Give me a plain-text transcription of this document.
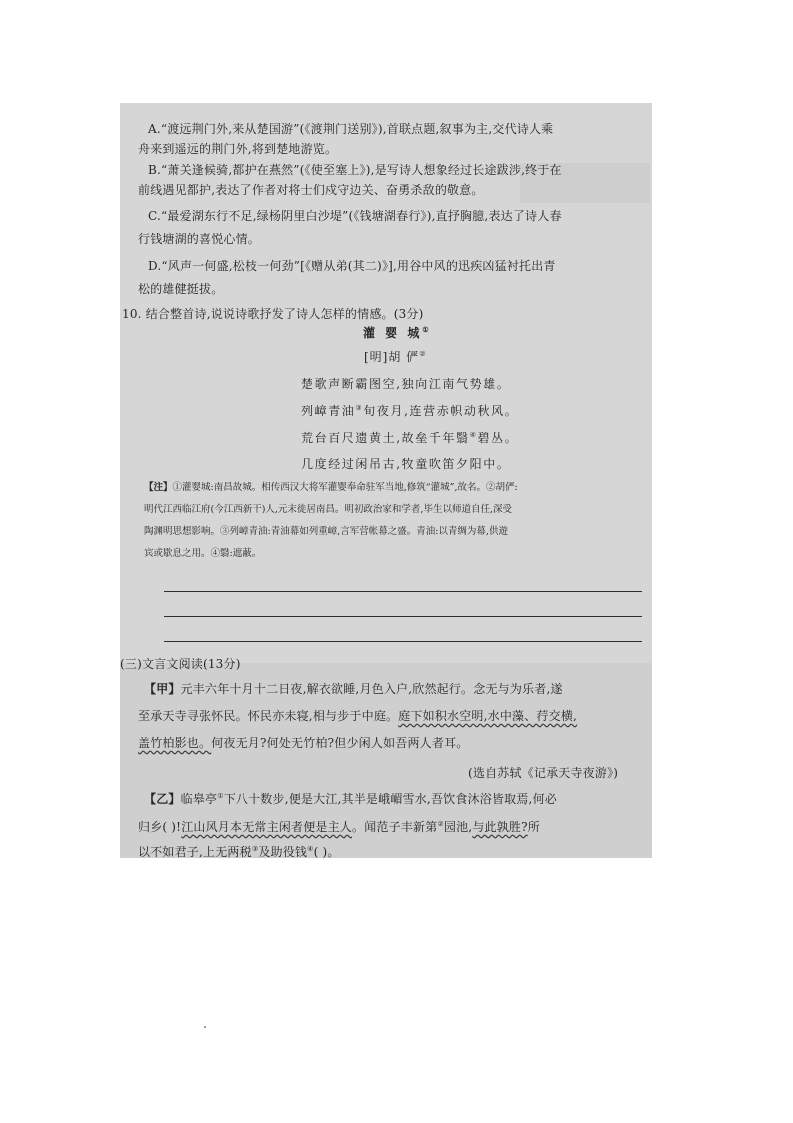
A.“渡远荆门外,来从楚国游”(《渡荆门送别》),首联点题,叙事为主,交代诗人乘
舟来到遥远的荆门外,将到楚地游览。
B.“萧关逢候骑,都护在燕然”(《使至塞上》),是写诗人想象经过长途跋涉,终于在
前线遇见都护,表达了作者对将士们戍守边关、奋勇杀敌的敬意。
C.“最爱湖东行不足,绿杨阴里白沙堤”(《钱塘湖春行》),直抒胸臆,表达了诗人春
行钱塘湖的喜悦心情。
D.“风声一何盛,松枝一何劲”[《赠从弟(其二)》],用谷中风的迅疾凶猛衬托出青
松的雄健挺拔。
10. 结合整首诗,说说诗歌抒发了诗人怎样的情感。(3分)
灌 婴 城①
[明]胡 俨②
楚歌声断霸图空,独向江南气势雄。
列嶂青油③旬夜月,连营赤帜动秋风。
荒台百尺遗黄土,故垒千年翳④碧丛。
几度经过闲吊古,牧童吹笛夕阳中。
【注】①灌婴城:南昌故城。相传西汉大将军灌婴奉命驻军当地,修筑“灌城”,故名。②胡俨:
明代江西临江府(今江西新干)人,元末徙居南昌。明初政治家和学者,毕生以师道自任,深受
陶渊明思想影响。③列嶂青油:青油幕如列重嶂,言军营帐幕之盛。青油:以青绸为幕,供遊
宾或歇息之用。④翳:遮蔽。
(三)文言文阅读(13分)
【甲】元丰六年十月十二日夜,解衣欲睡,月色入户,欣然起行。念无与为乐者,遂
至承天寺寻张怀民。怀民亦未寝,相与步于中庭。庭下如积水空明,水中藻、荇交横,
盖竹柏影也。何夜无月?何处无竹柏?但少闲人如吾两人者耳。
(选自苏轼《记承天寺夜游》)
【乙】临皋亭①下八十数步,便是大江,其半是峨嵋雪水,吾饮食沐浴皆取焉,何必
归乡( )!江山风月本无常主闲者便是主人。闻范子丰新第②园池,与此孰胜?所
以不如君子,上无两税③及助役钱④( )。
